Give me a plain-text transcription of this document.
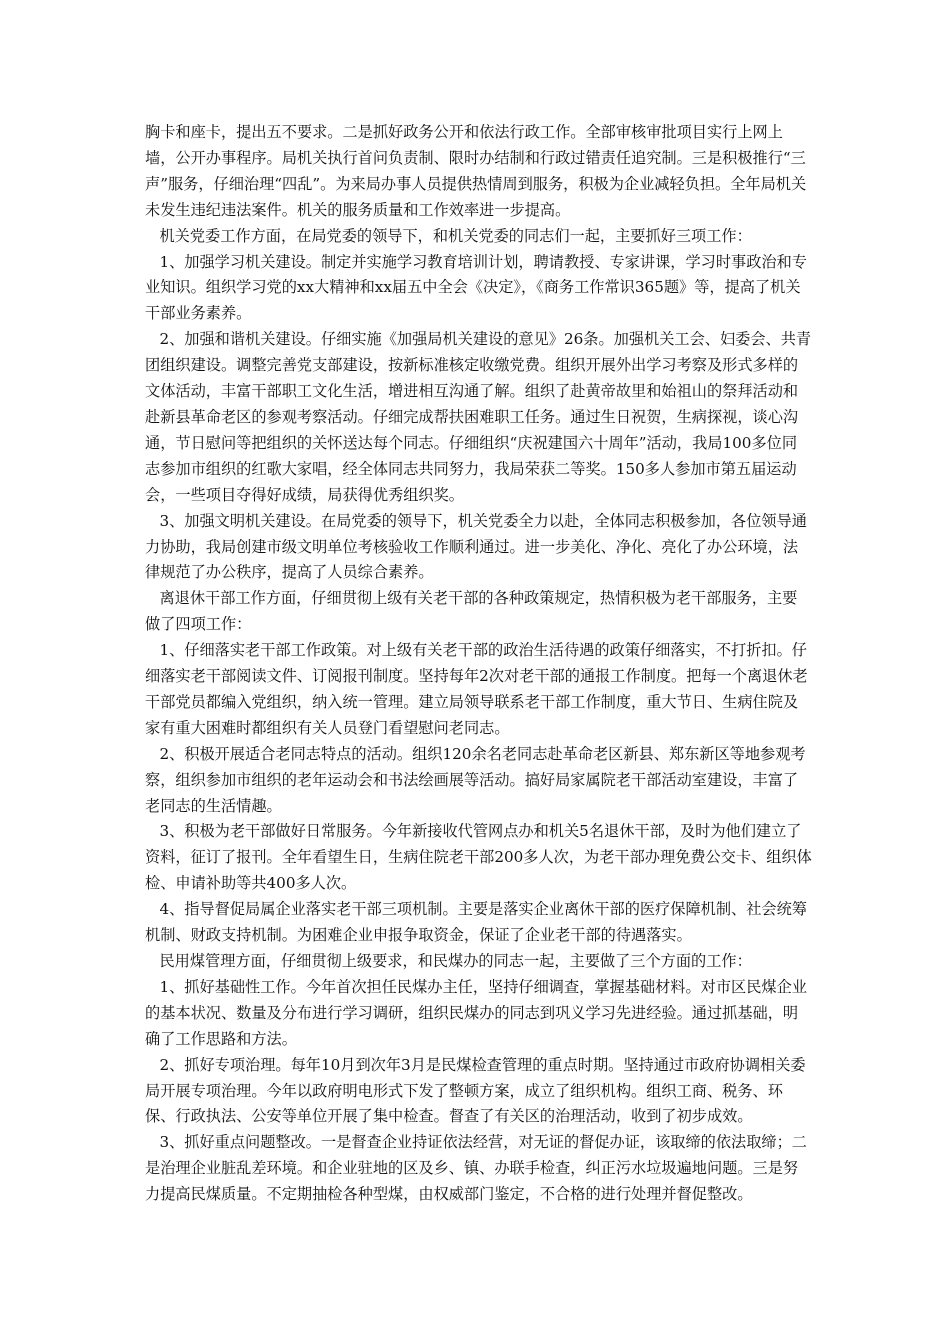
胸卡和座卡，提出五不要求。二是抓好政务公开和依法行政工作。全部审核审批项目实行上网上墙，公开办事程序。局机关执行首问负责制、限时办结制和行政过错责任追究制。三是积极推行“三声”服务，仔细治理“四乱”。为来局办事人员提供热情周到服务，积极为企业减轻负担。全年局机关未发生违纪违法案件。机关的服务质量和工作效率进一步提高。

机关党委工作方面，在局党委的领导下，和机关党委的同志们一起，主要抓好三项工作：

1、加强学习机关建设。制定并实施学习教育培训计划，聘请教授、专家讲课，学习时事政治和专业知识。组织学习党的xx大精神和xx届五中全会《决定》，《商务工作常识365题》等，提高了机关干部业务素养。

2、加强和谐机关建设。仔细实施《加强局机关建设的意见》26条。加强机关工会、妇委会、共青团组织建设。调整完善党支部建设，按新标准核定收缴党费。组织开展外出学习考察及形式多样的文体活动，丰富干部职工文化生活，增进相互沟通了解。组织了赴黄帝故里和始祖山的祭拜活动和赴新县革命老区的参观考察活动。仔细完成帮扶困难职工任务。通过生日祝贺，生病探视，谈心沟通，节日慰问等把组织的关怀送达每个同志。仔细组织“庆祝建国六十周年”活动，我局100多位同志参加市组织的红歌大家唱，经全体同志共同努力，我局荣获二等奖。150多人参加市第五届运动会，一些项目夺得好成绩，局获得优秀组织奖。

3、加强文明机关建设。在局党委的领导下，机关党委全力以赴，全体同志积极参加，各位领导通力协助，我局创建市级文明单位考核验收工作顺利通过。进一步美化、净化、亮化了办公环境，法律规范了办公秩序，提高了人员综合素养。

离退休干部工作方面，仔细贯彻上级有关老干部的各种政策规定，热情积极为老干部服务，主要做了四项工作：

1、仔细落实老干部工作政策。对上级有关老干部的政治生活待遇的政策仔细落实，不打折扣。仔细落实老干部阅读文件、订阅报刊制度。坚持每年2次对老干部的通报工作制度。把每一个离退休老干部党员都编入党组织，纳入统一管理。建立局领导联系老干部工作制度，重大节日、生病住院及家有重大困难时都组织有关人员登门看望慰问老同志。

2、积极开展适合老同志特点的活动。组织120余名老同志赴革命老区新县、郑东新区等地参观考察，组织参加市组织的老年运动会和书法绘画展等活动。搞好局家属院老干部活动室建设，丰富了老同志的生活情趣。

3、积极为老干部做好日常服务。今年新接收代管网点办和机关5名退休干部，及时为他们建立了资料，征订了报刊。全年看望生日，生病住院老干部200多人次，为老干部办理免费公交卡、组织体检、申请补助等共400多人次。

4、指导督促局属企业落实老干部三项机制。主要是落实企业离休干部的医疗保障机制、社会统筹机制、财政支持机制。为困难企业申报争取资金，保证了企业老干部的待遇落实。

民用煤管理方面，仔细贯彻上级要求，和民煤办的同志一起，主要做了三个方面的工作：

1、抓好基础性工作。今年首次担任民煤办主任，坚持仔细调查，掌握基础材料。对市区民煤企业的基本状况、数量及分布进行学习调研，组织民煤办的同志到巩义学习先进经验。通过抓基础，明确了工作思路和方法。

2、抓好专项治理。每年10月到次年3月是民煤检查管理的重点时期。坚持通过市政府协调相关委局开展专项治理。今年以政府明电形式下发了整顿方案，成立了组织机构。组织工商、税务、环保、行政执法、公安等单位开展了集中检查。督查了有关区的治理活动，收到了初步成效。

3、抓好重点问题整改。一是督查企业持证依法经营，对无证的督促办证，该取缔的依法取缔；二是治理企业脏乱差环境。和企业驻地的区及乡、镇、办联手检查，纠正污水垃圾遍地问题。三是努力提高民煤质量。不定期抽检各种型煤，由权威部门鉴定，不合格的进行处理并督促整改。
